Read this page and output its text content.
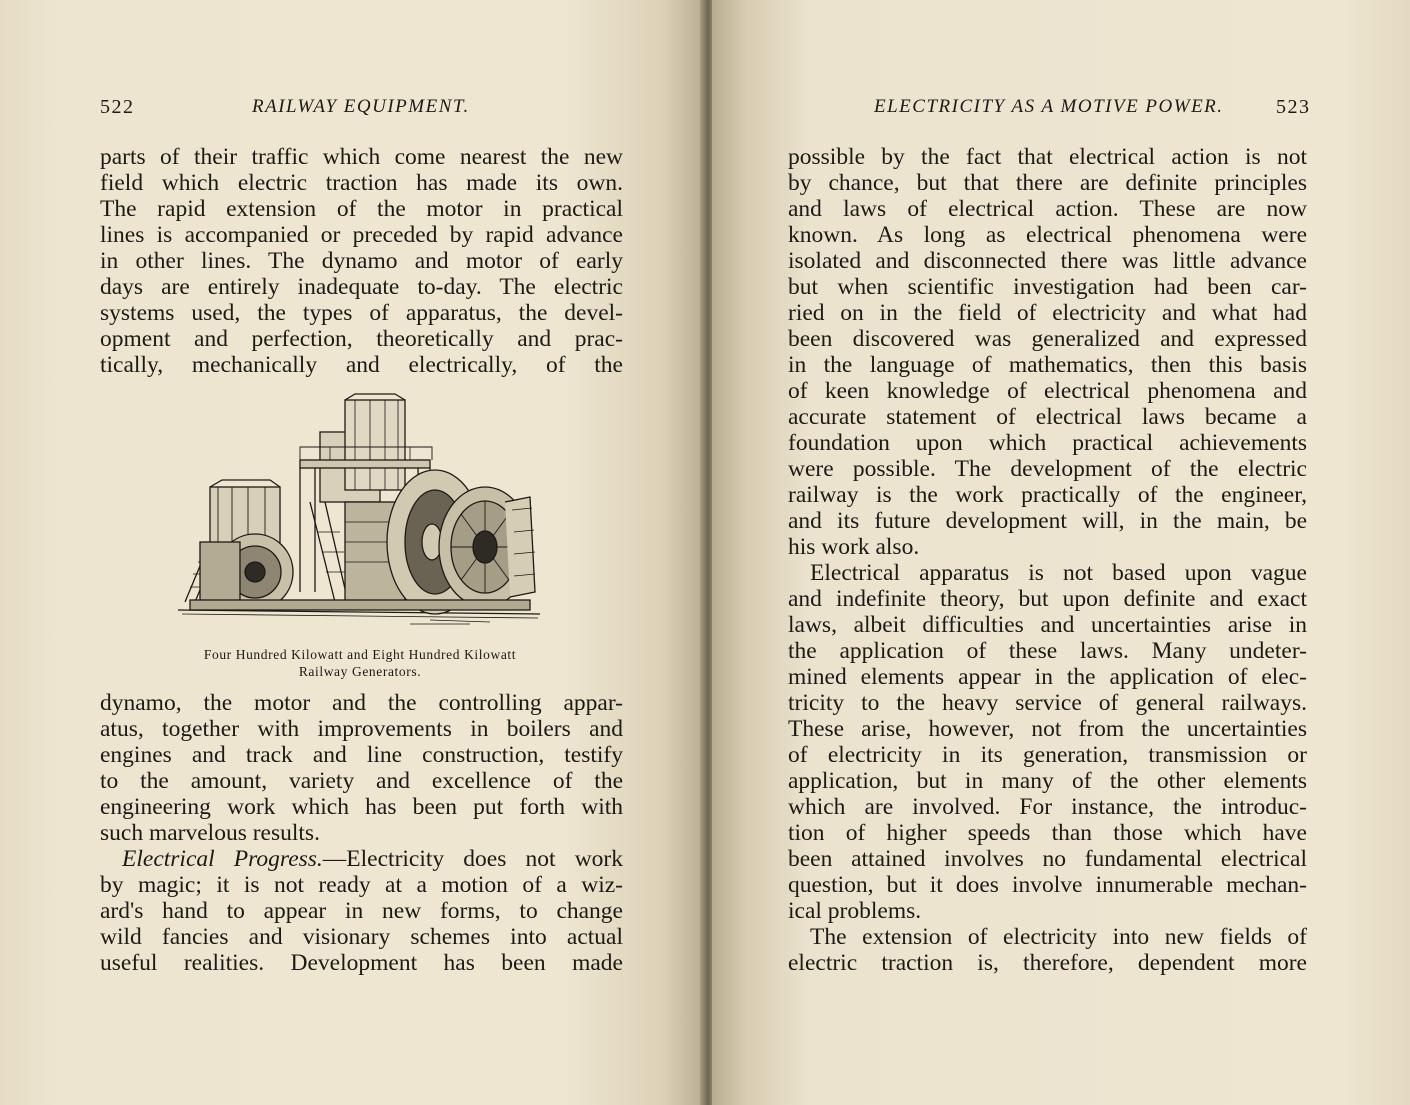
522	RAILWAY EQUIPMENT.
parts of their traffic which come nearest the new
field which electric traction has made its own.
The rapid extension of the motor in practical
lines is accompanied or preceded by rapid advance
in other lines. The dynamo and motor of early
days are entirely inadequate to-day. The electric
systems used, the types of apparatus, the devel-
opment and perfection, theoretically and prac-
tically, mechanically and electrically, of the
Four Hundred Kilowatt and Eight Hundred Kilowatt
Railway Generators.
dynamo, the motor and the controlling appar-
atus, together with improvements in boilers and
engines and track and line construction, testify
to the amount, variety and excellence of the
engineering work which has been put forth with
such marvelous results.
Electrical Progress.—Electricity does not work
by magic; it is not ready at a motion of a wiz-
ard's hand to appear in new forms, to change
wild fancies and visionary schemes into actual
useful realities. Development has been made
ELECTRICITY AS A MOTIVE POWER.	523
possible by the fact that electrical action is not
by chance, but that there are definite principles
and laws of electrical action. These are now
known. As long as electrical phenomena were
isolated and disconnected there was little advance
but when scientific investigation had been car-
ried on in the field of electricity and what had
been discovered was generalized and expressed
in the language of mathematics, then this basis
of keen knowledge of electrical phenomena and
accurate statement of electrical laws became a
foundation upon which practical achievements
were possible. The development of the electric
railway is the work practically of the engineer,
and its future development will, in the main, be
his work also.
Electrical apparatus is not based upon vague
and indefinite theory, but upon definite and exact
laws, albeit difficulties and uncertainties arise in
the application of these laws. Many undeter-
mined elements appear in the application of elec-
tricity to the heavy service of general railways.
These arise, however, not from the uncertainties
of electricity in its generation, transmission or
application, but in many of the other elements
which are involved. For instance, the introduc-
tion of higher speeds than those which have
been attained involves no fundamental electrical
question, but it does involve innumerable mechan-
ical problems.
The extension of electricity into new fields of
electric traction is, therefore, dependent more
